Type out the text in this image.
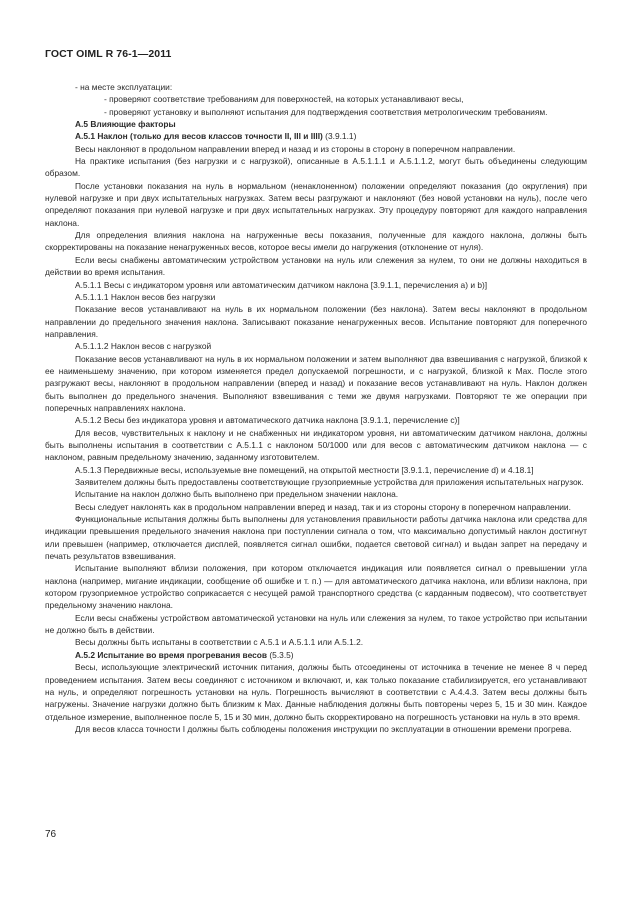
ГОСТ OIML R 76-1—2011

- на месте эксплуатации:

- проверяют соответствие требованиям для поверхностей, на которых устанавливают весы,

- проверяют установку и выполняют испытания для подтверждения соответствия метрологическим требованиям.

A.5 Влияющие факторы

A.5.1 Наклон (только для весов классов точности II, III и IIII) (3.9.1.1)

Весы наклоняют в продольном направлении вперед и назад и из стороны в сторону в поперечном направлении.

На практике испытания (без нагрузки и с нагрузкой), описанные в A.5.1.1.1 и A.5.1.1.2, могут быть объединены следующим образом.

После установки показания на нуль в нормальном (ненаклоненном) положении определяют показания (до округления) при нулевой нагрузке и при двух испытательных нагрузках. Затем весы разгружают и наклоняют (без новой установки на нуль), после чего определяют показания при нулевой нагрузке и при двух испытательных нагрузках. Эту процедуру повторяют для каждого направления наклона.

Для определения влияния наклона на нагруженные весы показания, полученные для каждого наклона, должны быть скорректированы на показание ненагруженных весов, которое весы имели до нагружения (отклонение от нуля).

Если весы снабжены автоматическим устройством установки на нуль или слежения за нулем, то они не должны находиться в действии во время испытания.

A.5.1.1 Весы с индикатором уровня или автоматическим датчиком наклона [3.9.1.1, перечисления a) и b)]

A.5.1.1.1 Наклон весов без нагрузки

Показание весов устанавливают на нуль в их нормальном положении (без наклона). Затем весы наклоняют в продольном направлении до предельного значения наклона. Записывают показание ненагруженных весов. Испытание повторяют для поперечного направления.

A.5.1.1.2 Наклон весов с нагрузкой

Показание весов устанавливают на нуль в их нормальном положении и затем выполняют два взвешивания с нагрузкой, близкой к ее наименьшему значению, при котором изменяется предел допускаемой погрешности, и с нагрузкой, близкой к Max. После этого разгружают весы, наклоняют в продольном направлении (вперед и назад) и показание весов устанавливают на нуль. Наклон должен быть выполнен до предельного значения. Выполняют взвешивания с теми же двумя нагрузками. Повторяют те же операции при поперечных направлениях наклона.

A.5.1.2 Весы без индикатора уровня и автоматического датчика наклона [3.9.1.1, перечисление c)]

Для весов, чувствительных к наклону и не снабженных ни индикатором уровня, ни автоматическим датчиком наклона, должны быть выполнены испытания в соответствии с A.5.1.1 с наклоном 50/1000 или для весов с автоматическим датчиком наклона — с наклоном, равным предельному значению, заданному изготовителем.

A.5.1.3 Передвижные весы, используемые вне помещений, на открытой местности [3.9.1.1, перечисление d) и 4.18.1]

Заявителем должны быть предоставлены соответствующие грузоприемные устройства для приложения испытательных нагрузок.

Испытание на наклон должно быть выполнено при предельном значении наклона.

Весы следует наклонять как в продольном направлении вперед и назад, так и из стороны сторону в поперечном направлении.

Функциональные испытания должны быть выполнены для установления правильности работы датчика наклона или средства для индикации превышения предельного значения наклона при поступлении сигнала о том, что максимально допустимый наклон достигнут или превышен (например, отключается дисплей, появляется сигнал ошибки, подается световой сигнал) и выдан запрет на передачу и печать результатов взвешивания.

Испытание выполняют вблизи положения, при котором отключается индикация или появляется сигнал о превышении угла наклона (например, мигание индикации, сообщение об ошибке и т. п.) — для автоматического датчика наклона, или вблизи наклона, при котором грузоприемное устройство соприкасается с несущей рамой транспортного средства (с карданным подвесом), что соответствует предельному значению наклона.

Если весы снабжены устройством автоматической установки на нуль или слежения за нулем, то такое устройство при испытании не должно быть в действии.

Весы должны быть испытаны в соответствии с A.5.1 и A.5.1.1 или A.5.1.2.

A.5.2 Испытание во время прогревания весов (5.3.5)

Весы, использующие электрический источник питания, должны быть отсоединены от источника в течение не менее 8 ч перед проведением испытания. Затем весы соединяют с источником и включают, и, как только показание стабилизируется, его устанавливают на нуль, и определяют погрешность установки на нуль. Погрешность вычисляют в соответствии с A.4.4.3. Затем весы должны быть нагружены. Значение нагрузки должно быть близким к Max. Данные наблюдения должны быть повторены через 5, 15 и 30 мин. Каждое отдельное измерение, выполненное после 5, 15 и 30 мин, должно быть скорректировано на погрешность установки на нуль в это время.

Для весов класса точности I должны быть соблюдены положения инструкции по эксплуатации в отношении времени прогрева.

76
